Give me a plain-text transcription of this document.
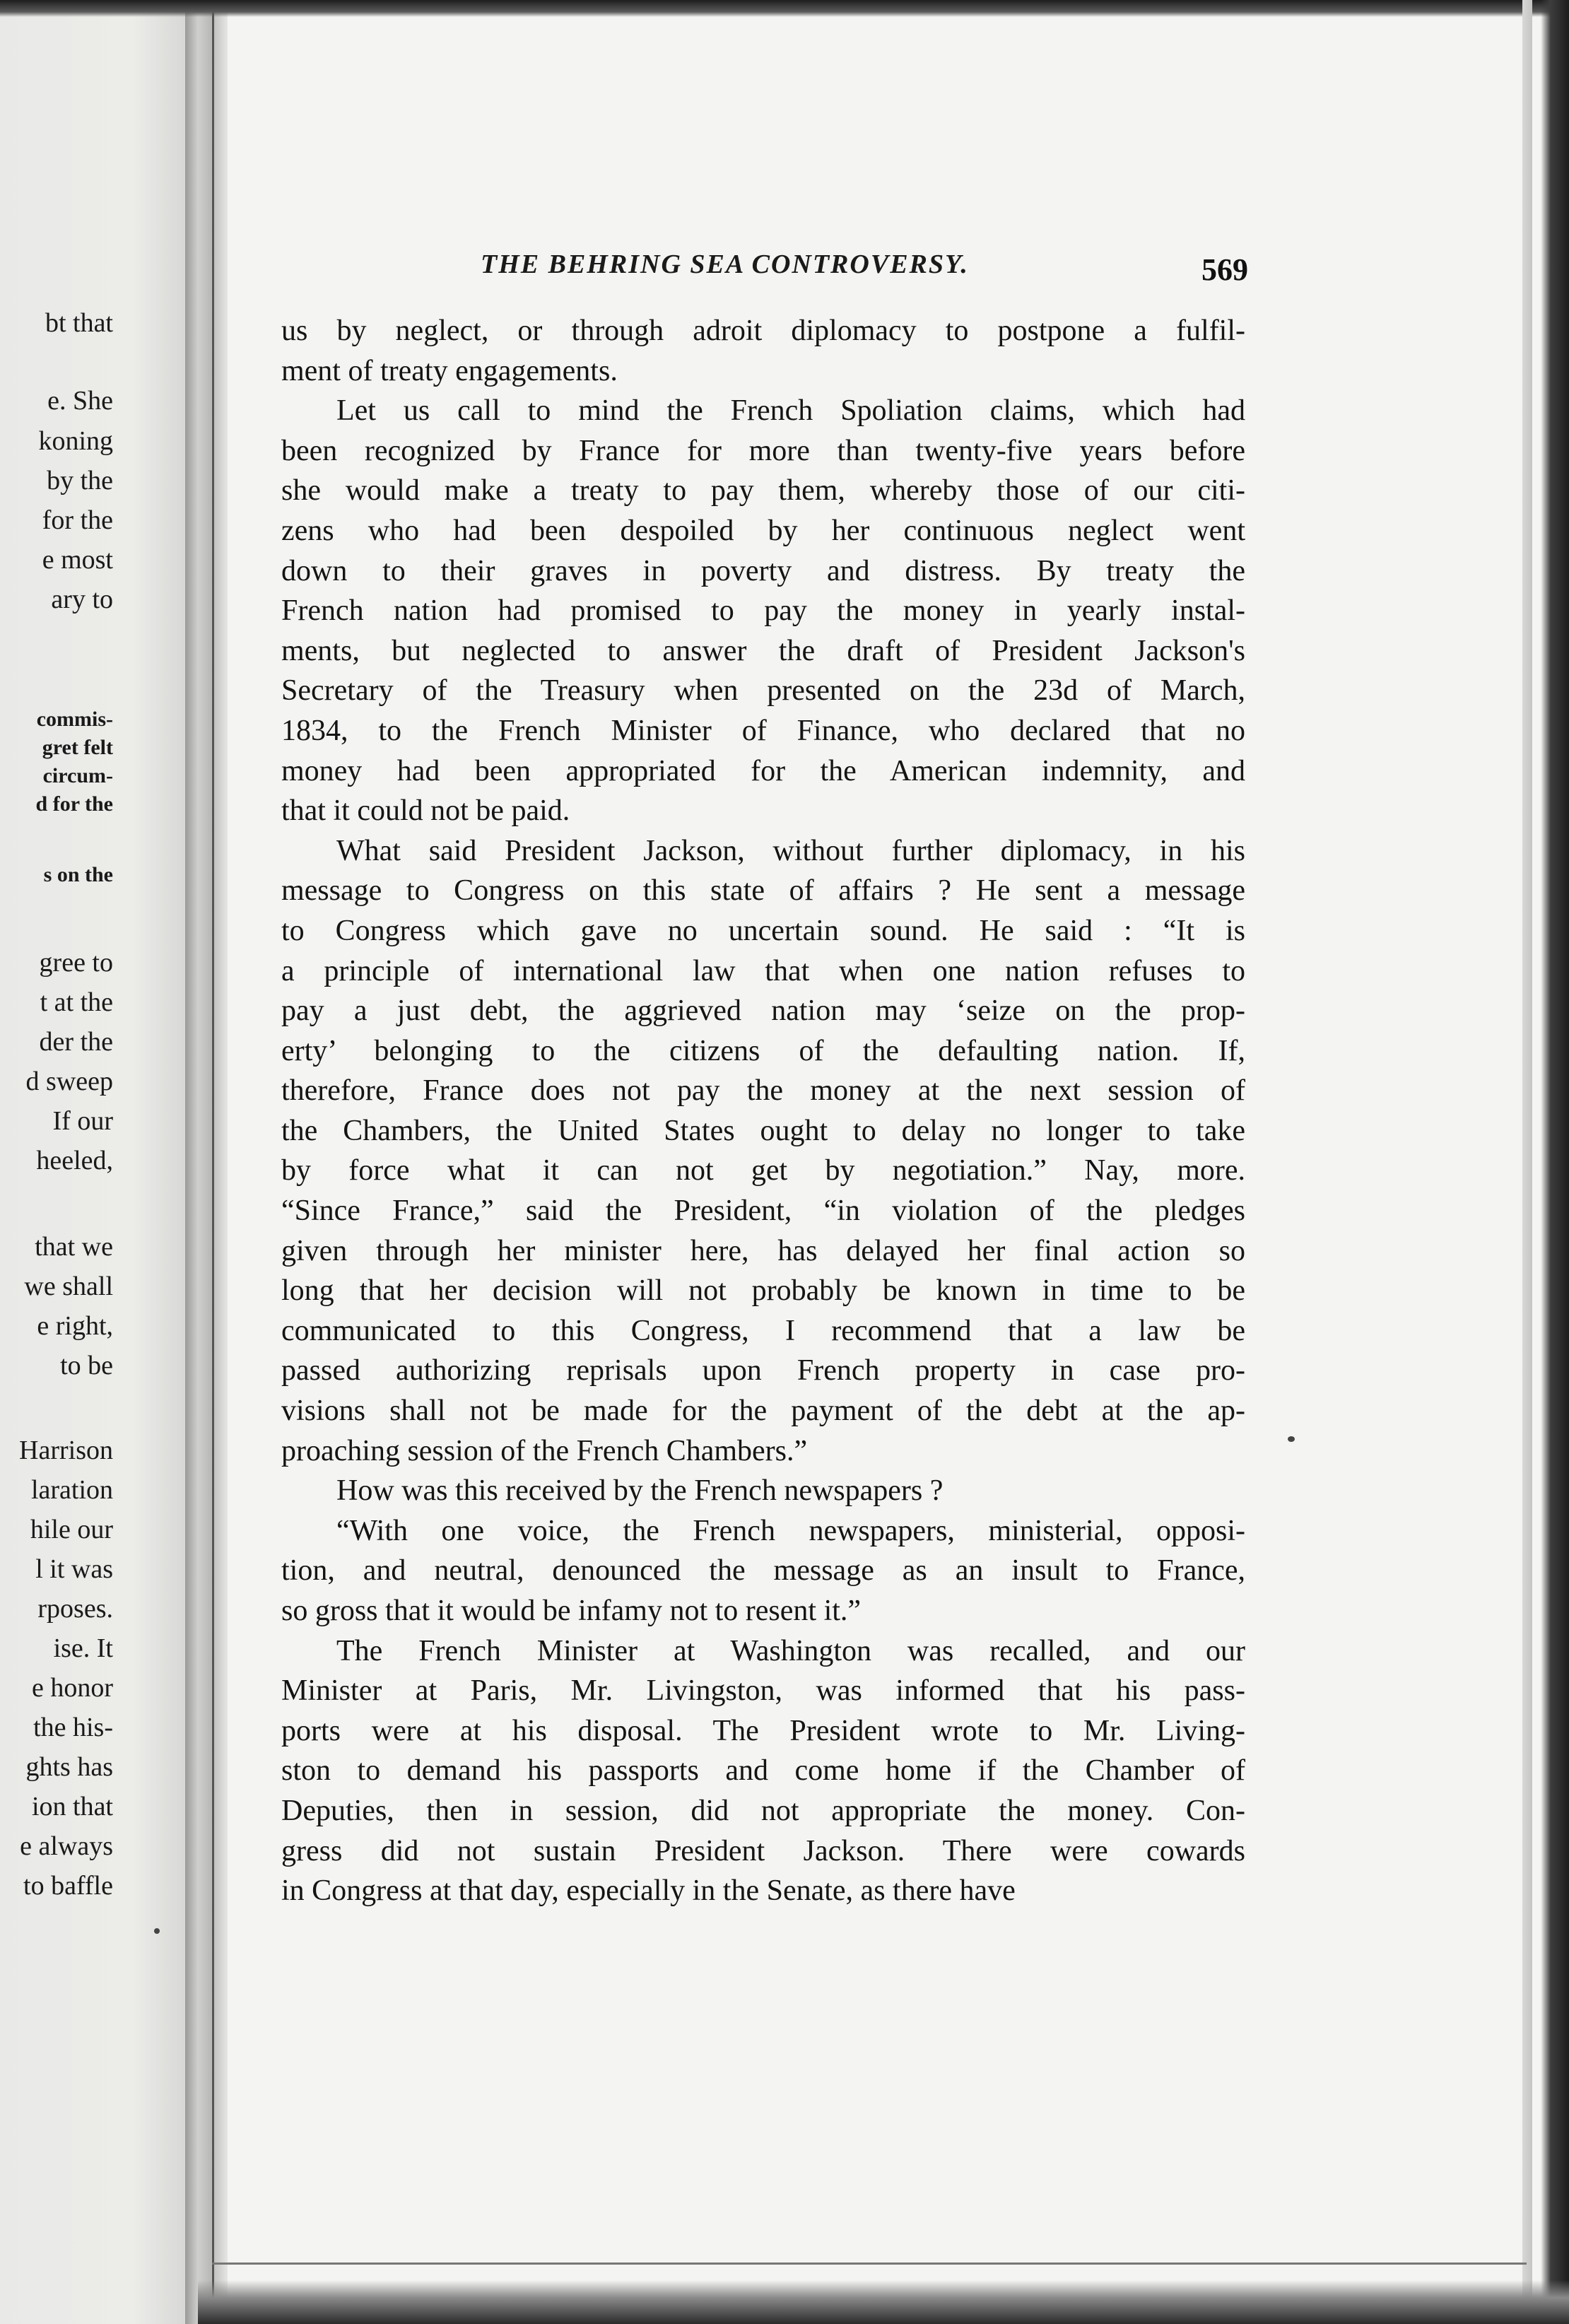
bt that
e. She
koning
by the
for the
e most
ary to
commis-
gret felt
circum-
d for the
s on the
gree to
t at the
der the
d sweep
If our
heeled,
that we
we shall
e right,
to be
Harrison
laration
hile our
l it was
rposes.
ise. It
e honor
the his-
ghts has
ion that
e always
to baffle
THE BEHRING SEA CONTROVERSY.	569
us by neglect, or through adroit diplomacy to postpone a fulfil-
ment of treaty engagements.
Let us call to mind the French Spoliation claims, which had
been recognized by France for more than twenty-five years before
she would make a treaty to pay them, whereby those of our citi-
zens who had been despoiled by her continuous neglect went
down to their graves in poverty and distress. By treaty the
French nation had promised to pay the money in yearly instal-
ments, but neglected to answer the draft of President Jackson's
Secretary of the Treasury when presented on the 23d of March,
1834, to the French Minister of Finance, who declared that no
money had been appropriated for the American indemnity, and
that it could not be paid.
What said President Jackson, without further diplomacy, in his
message to Congress on this state of affairs ? He sent a message
to Congress which gave no uncertain sound. He said : “It is
a principle of international law that when one nation refuses to
pay a just debt, the aggrieved nation may ‘seize on the prop-
erty’ belonging to the citizens of the defaulting nation. If,
therefore, France does not pay the money at the next session of
the Chambers, the United States ought to delay no longer to take
by force what it can not get by negotiation.” Nay, more.
“Since France,” said the President, “in violation of the pledges
given through her minister here, has delayed her final action so
long that her decision will not probably be known in time to be
communicated to this Congress, I recommend that a law be
passed authorizing reprisals upon French property in case pro-
visions shall not be made for the payment of the debt at the ap-
proaching session of the French Chambers.”
How was this received by the French newspapers ?
“With one voice, the French newspapers, ministerial, opposi-
tion, and neutral, denounced the message as an insult to France,
so gross that it would be infamy not to resent it.”
The French Minister at Washington was recalled, and our
Minister at Paris, Mr. Livingston, was informed that his pass-
ports were at his disposal. The President wrote to Mr. Living-
ston to demand his passports and come home if the Chamber of
Deputies, then in session, did not appropriate the money. Con-
gress did not sustain President Jackson. There were cowards
in Congress at that day, especially in the Senate, as there have
